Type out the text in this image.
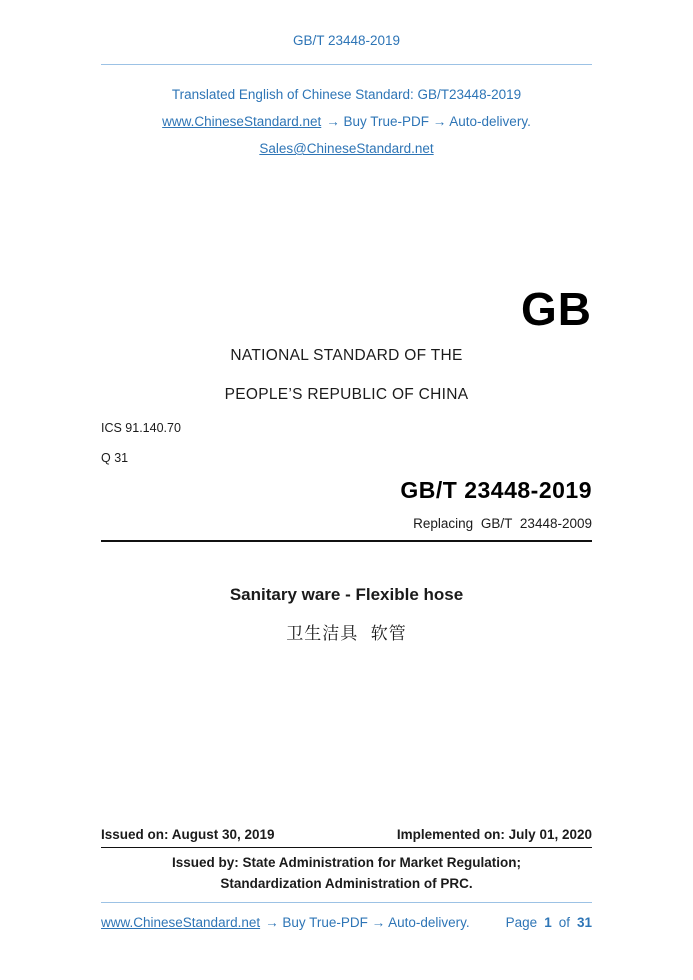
GB/T 23448-2019
Translated English of Chinese Standard: GB/T23448-2019
www.ChineseStandard.net → Buy True-PDF → Auto-delivery.
Sales@ChineseStandard.net
GB
NATIONAL STANDARD OF THE
PEOPLE’S REPUBLIC OF CHINA
ICS 91.140.70
Q 31
GB/T 23448-2019
Replacing GB/T 23448-2009
Sanitary ware - Flexible hose
卫生洁具 软管
Issued on: August 30, 2019	Implemented on: July 01, 2020
Issued by: State Administration for Market Regulation;
Standardization Administration of PRC.
www.ChineseStandard.net → Buy True-PDF → Auto-delivery.	Page 1 of 31
